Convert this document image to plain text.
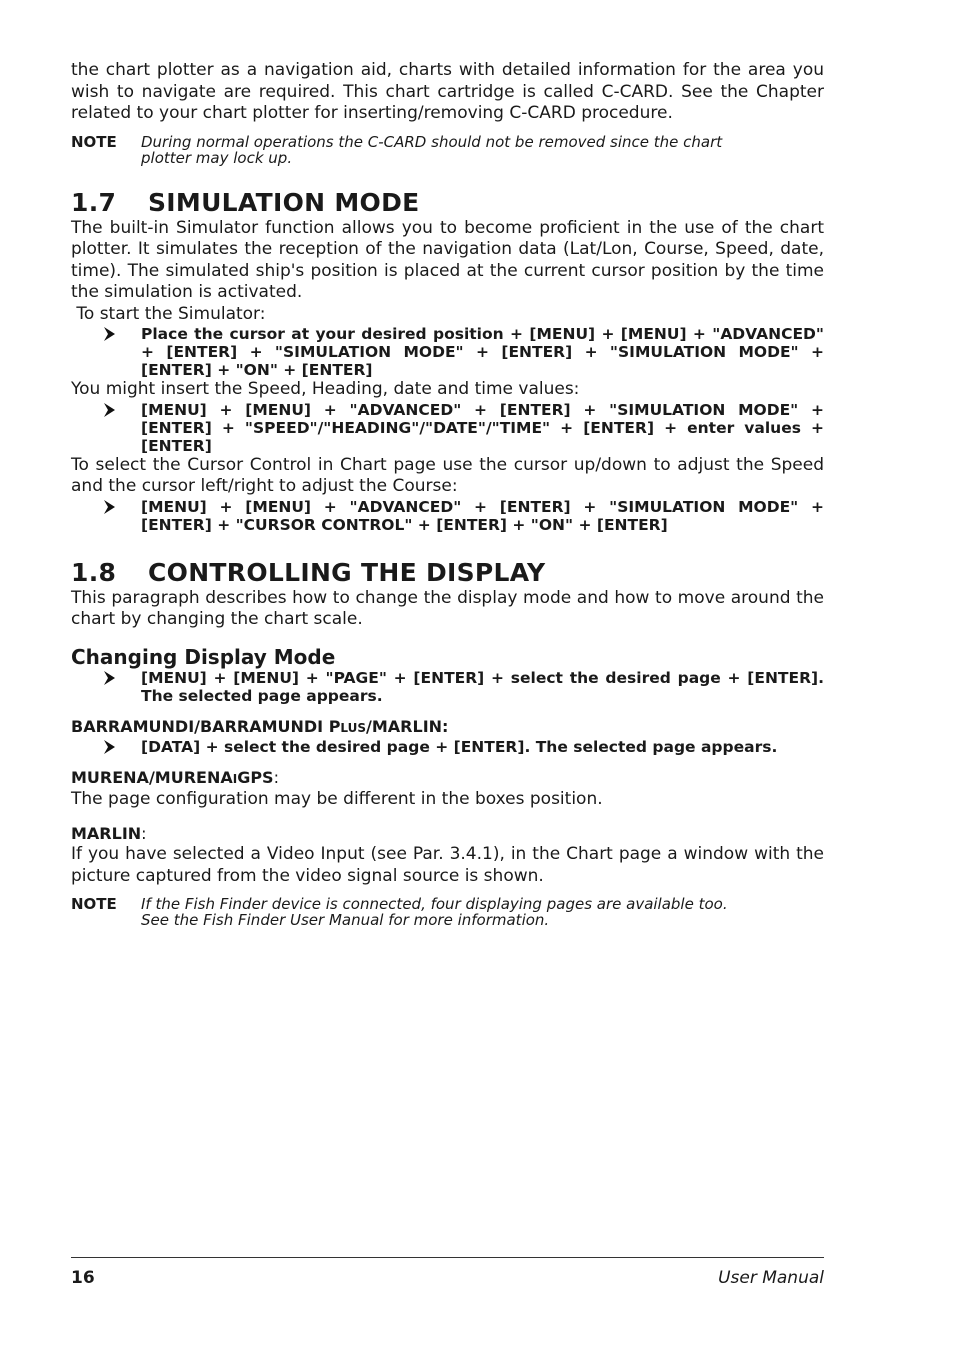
the chart plotter as a navigation aid, charts with detailed information for the area you wish to navigate are required. This chart cartridge is called C-CARD. See the Chapter related to your chart plotter for inserting/removing C-CARD procedure.

NOTE	During normal operations the C-CARD should not be removed since the chart plotter may lock up.
1.7 SIMULATION MODE

The built-in Simulator function allows you to become proficient in the use of the chart plotter. It simulates the reception of the navigation data (Lat/Lon, Course, Speed, date, time). The simulated ship's position is placed at the current cursor position by the time the simulation is activated.

To start the Simulator:

Place the cursor at your desired position + [MENU] + [MENU] + "ADVANCED" + [ENTER] + "SIMULATION MODE" + [ENTER] + "SIMULATION MODE" + [ENTER] + "ON" + [ENTER]

You might insert the Speed, Heading, date and time values:

[MENU] + [MENU] + "ADVANCED" + [ENTER] + "SIMULATION MODE" + [ENTER] + "SPEED"/"HEADING"/"DATE"/"TIME" + [ENTER] + enter values + [ENTER]

To select the Cursor Control in Chart page use the cursor up/down to adjust the Speed and the cursor left/right to adjust the Course:

[MENU] + [MENU] + "ADVANCED" + [ENTER] + "SIMULATION MODE" + [ENTER] + "CURSOR CONTROL" + [ENTER] + "ON" + [ENTER]
1.8 CONTROLLING THE DISPLAY

This paragraph describes how to change the display mode and how to move around the chart by changing the chart scale.

Changing Display Mode
[MENU] + [MENU] + "PAGE" + [ENTER] + select the desired page + [ENTER]. The selected page appears.
BARRAMUNDI/BARRAMUNDI PLUS/MARLIN:
[DATA] + select the desired page + [ENTER]. The selected page appears.
MURENA/MURENAIGPS:

The page configuration may be different in the boxes position.

MARLIN:

If you have selected a Video Input (see Par. 3.4.1), in the Chart page a window with the picture captured from the video signal source is shown.

NOTE	If the Fish Finder device is connected, four displaying pages are available too.
See the Fish Finder User Manual for more information.
16	User Manual
